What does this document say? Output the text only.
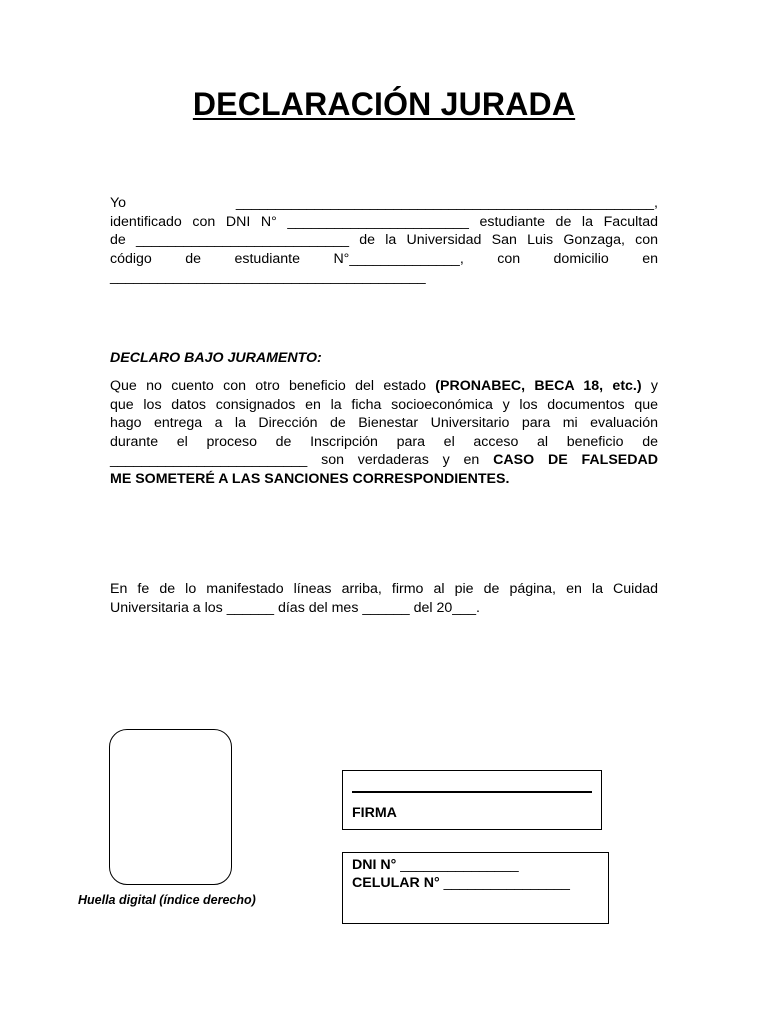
DECLARACIÓN JURADA
Yo	_____________________________________________________,
identificado con DNI N° _______________________ estudiante de la Facultad
de ___________________________ de la Universidad San Luis Gonzaga, con
código de estudiante N°______________, con domicilio en
________________________________________

DECLARO BAJO JURAMENTO:

Que no cuento con otro beneficio del estado (PRONABEC, BECA 18, etc.) y
que los datos consignados en la ficha socioeconómica y los documentos que
hago entrega a la Dirección de Bienestar Universitario para mi evaluación
durante el proceso de Inscripción para el acceso al beneficio de
_________________________ son verdaderas y en CASO DE FALSEDAD
ME SOMETERÉ A LAS SANCIONES CORRESPONDIENTES.
En fe de lo manifestado líneas arriba, firmo al pie de página, en la Cuidad
Universitaria a los ______ días del mes ______ del 20___.

Huella digital (índice derecho)

FIRMA

DNI N° _______________

CELULAR N° ________________
